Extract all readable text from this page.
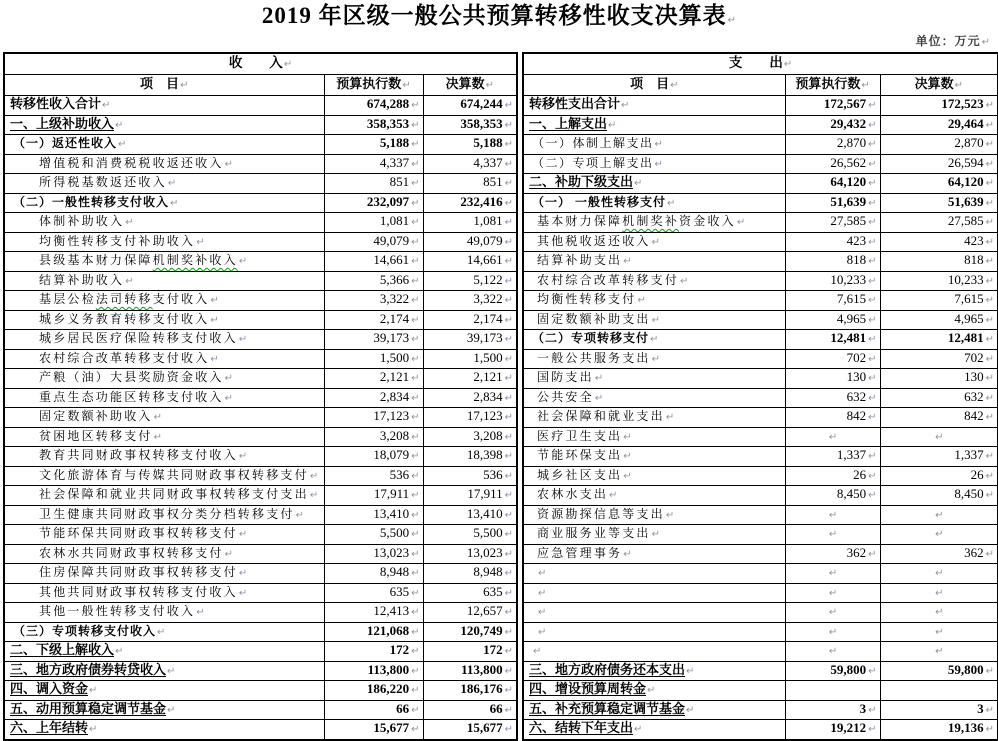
2019 年区级一般公共预算转移性收支决算表↵
单位：万元↵
收　　入↵		
项　目↵	预算执行数↵	决算数↵
转移性收入合计↵	674,288 ↵	674,244 ↵
一、上级补助收入↵	358,353 ↵	358,353 ↵
（一）返还性收入↵	5,188 ↵	5,188 ↵
增值税和消费税税收返还收入↵	4,337 ↵	4,337 ↵
所得税基数返还收入↵	851 ↵	851 ↵
（二）一般性转移支付收入↵	232,097 ↵	232,416 ↵
体制补助收入↵	1,081 ↵	1,081 ↵
均衡性转移支付补助收入↵	49,079 ↵	49,079 ↵
县级基本财力保障机制奖补收入↵	14,661 ↵	14,661 ↵
结算补助收入↵	5,366 ↵	5,122 ↵
基层公检法司转移支付收入↵	3,322 ↵	3,322 ↵
城乡义务教育转移支付收入↵	2,174 ↵	2,174 ↵
城乡居民医疗保险转移支付收入↵	39,173 ↵	39,173 ↵
农村综合改革转移支付收入↵	1,500 ↵	1,500 ↵
产粮（油）大县奖励资金收入↵	2,121 ↵	2,121 ↵
重点生态功能区转移支付收入↵	2,834 ↵	2,834 ↵
固定数额补助收入↵	17,123 ↵	17,123 ↵
贫困地区转移支付↵	3,208 ↵	3,208 ↵
教育共同财政事权转移支付收入↵	18,079 ↵	18,398 ↵
文化旅游体育与传媒共同财政事权转移支付↵	536 ↵	536 ↵
社会保障和就业共同财政事权转移支付支出↵	17,911 ↵	17,911 ↵
卫生健康共同财政事权分类分档转移支付↵	13,410 ↵	13,410 ↵
节能环保共同财政事权转移支付↵	5,500 ↵	5,500 ↵
农林水共同财政事权转移支付↵	13,023 ↵	13,023 ↵
住房保障共同财政事权转移支付↵	8,948 ↵	8,948 ↵
其他共同财政事权转移支付收入↵	635 ↵	635 ↵
其他一般性转移支付收入↵	12,413 ↵	12,657 ↵
（三）专项转移支付收入↵	121,068 ↵	120,749 ↵
二、下级上解收入↵	172 ↵	172 ↵
三、地方政府债券转贷收入↵	113,800 ↵	113,800 ↵
四、调入资金↵	186,220 ↵	186,176 ↵
五、动用预算稳定调节基金↵	66 ↵	66 ↵
六、上年结转↵	15,677 ↵	15,677 ↵
支　　出↵		
项　目↵	预算执行数↵	决算数↵
转移性支出合计↵	172,567 ↵	172,523 ↵
一、上解支出↵	29,432 ↵	29,464 ↵
（一）体制上解支出↵	2,870 ↵	2,870 ↵
（二）专项上解支出↵	26,562 ↵	26,594 ↵
二、补助下级支出↵	64,120 ↵	64,120 ↵
（一） 一般性转移支付↵	51,639 ↵	51,639 ↵
基本财力保障机制奖补资金收入↵	27,585 ↵	27,585 ↵
其他税收返还收入↵	423 ↵	423 ↵
结算补助支出↵	818 ↵	818 ↵
农村综合改革转移支付↵	10,233 ↵	10,233 ↵
均衡性转移支付↵	7,615 ↵	7,615 ↵
固定数额补助支出↵	4,965 ↵	4,965 ↵
（二）专项转移支付↵	12,481 ↵	12,481 ↵
一般公共服务支出↵	702 ↵	702 ↵
国防支出↵	130 ↵	130 ↵
公共安全↵	632 ↵	632 ↵
社会保障和就业支出↵	842 ↵	842 ↵
医疗卫生支出↵	↵	↵
节能环保支出↵	1,337 ↵	1,337 ↵
城乡社区支出↵	26 ↵	26 ↵
农林水支出↵	8,450 ↵	8,450 ↵
资源勘探信息等支出↵	↵	↵
商业服务业等支出↵	↵	↵
应急管理事务↵	362 ↵	362 ↵
↵	↵	↵
↵	↵	↵
↵	↵	↵
↵	↵	↵
↵	↵	↵
三、地方政府债务还本支出↵	59,800 ↵	59,800 ↵
四、增设预算周转金↵		
五、补充预算稳定调节基金↵	3 ↵	3 ↵
六、结转下年支出↵	19,212 ↵	19,136 ↵
